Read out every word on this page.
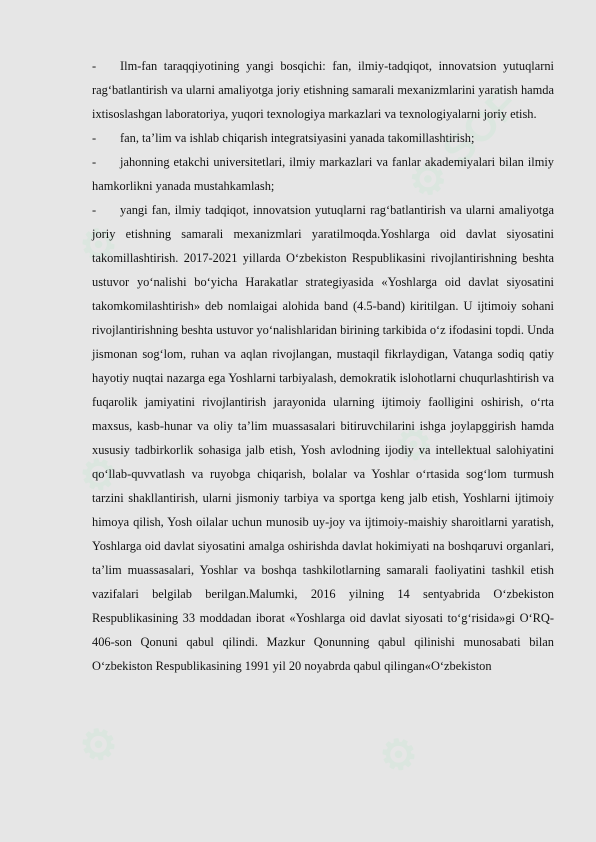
⚙ SOF
⚙
⚙
⚙
⚙	⚙

- Ilm-fan taraqqiyotining yangi bosqichi: fan, ilmiy-tadqiqot, innovatsion yutuqlarni rag‘batlantirish va ularni amaliyotga joriy etishning samarali mexanizmlarini yaratish hamda ixtisoslashgan laboratoriya, yuqori texnologiya markazlari va texnologiyalarni joriy etish.

- fan, ta’lim va ishlab chiqarish integratsiyasini yanada takomillashtirish;

- jahonning etakchi universitetlari, ilmiy markazlari va fanlar akademiyalari bilan ilmiy hamkorlikni yanada mustahkamlash;

- yangi fan, ilmiy tadqiqot, innovatsion yutuqlarni rag‘batlantirish va ularni amaliyotga joriy etishning samarali mexanizmlari yaratilmoqda.Yoshlarga oid davlat siyosatini takomillashtirish. 2017-2021 yillarda O‘zbekiston Respublikasini rivojlantirishning beshta ustuvor yo‘nalishi bo‘yicha Harakatlar strategiyasida «Yoshlarga oid davlat siyosatini takomkomilashtirish» deb nomlaigai alohida band (4.5-band) kiritilgan. U ijtimoiy sohani rivojlantirishning beshta ustuvor yo‘nalishlaridan birining tarkibida o‘z ifodasini topdi. Unda jismonan sog‘lom, ruhan va aqlan rivojlangan, mustaqil fikrlaydigan, Vatanga sodiq qatiy hayotiy nuqtai nazarga ega Yoshlarni tarbiyalash, demokratik islohotlarni chuqurlashtirish va fuqarolik jamiyatini rivojlantirish jarayonida ularning ijtimoiy faolligini oshirish, o‘rta maxsus, kasb-hunar va oliy ta’lim muassasalari bitiruvchilarini ishga joylapggirish hamda xususiy tadbirkorlik sohasiga jalb etish, Yosh avlodning ijodiy va intellektual salohiyatini qo‘llab-quvvatlash va ruyobga chiqarish, bolalar va Yoshlar o‘rtasida sog‘lom turmush tarzini shakllantirish, ularni jismoniy tarbiya va sportga keng jalb etish, Yoshlarni ijtimoiy himoya qilish, Yosh oilalar uchun munosib uy-joy va ijtimoiy-maishiy sharoitlarni yaratish, Yoshlarga oid davlat siyosatini amalga oshirishda davlat hokimiyati na boshqaruvi organlari, ta’lim muassasalari, Yoshlar va boshqa tashkilotlarning samarali faoliyatini tashkil etish vazifalari belgilab berilgan.Malumki, 2016 yilning 14 sentyabrida O‘zbekiston Respublikasining 33 moddadan iborat «Yoshlarga oid davlat siyosati to‘g‘risida»gi O‘RQ-406-son Qonuni qabul qilindi. Mazkur Qonunning qabul qilinishi munosabati bilan O‘zbekiston Respublikasining 1991 yil 20 noyabrda qabul qilingan«O‘zbekiston
